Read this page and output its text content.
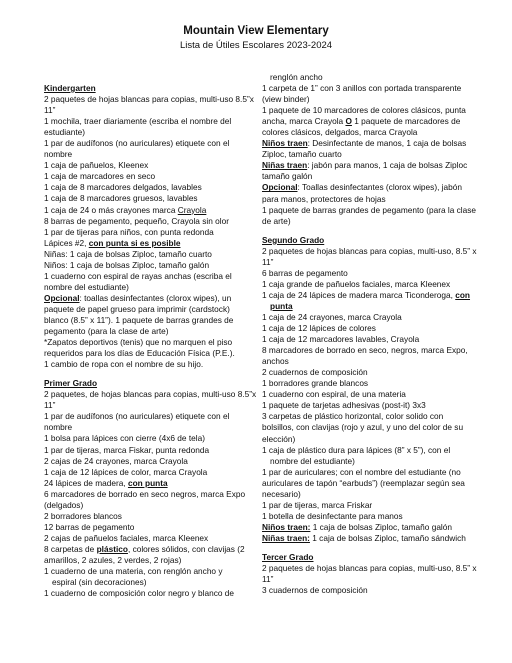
Mountain View Elementary
Lista de Útiles Escolares 2023-2024
Kindergarten
2 paquetes de hojas blancas para copias, multi-uso 8.5”x
11”
1 mochila, traer diariamente (escriba el nombre del
estudiante)
1 par de audífonos (no auriculares) etiquete con el
nombre
1 caja de pañuelos, Kleenex
1 caja de marcadores en seco
1 caja de 8 marcadores delgados, lavables
1 caja de 8 marcadores gruesos, lavables
1 caja de 24 o más crayones marca Crayola
8 barras de pegamento, pequeño, Crayola sin olor
1 par de tijeras para niños, con punta redonda
Lápices #2, con punta si es posible
Niñas: 1 caja de bolsas Ziploc, tamaño cuarto
Niños: 1 caja de bolsas Ziploc, tamaño galón
1 cuaderno con espiral de rayas anchas (escriba el
nombre del estudiante)
Opcional: toallas desinfectantes (clorox wipes), un
paquete de papel grueso para imprimir (cardstock)
blanco (8.5” x 11”). 1 paquete de barras grandes de
pegamento (para la clase de arte)
*Zapatos deportivos (tenis) que no marquen el piso
requeridos para los días de Educación Física (P.E.).
1 cambio de ropa con el nombre de su hijo.
Primer Grado
2 paquetes, de hojas blancas para copias, multi-uso 8.5”x
11”
1 par de audífonos (no auriculares) etiquete con el
nombre
1 bolsa para lápices con cierre (4x6 de tela)
1 par de tijeras, marca Fiskar, punta redonda
2 cajas de 24 crayones, marca Crayola
1 caja de 12 lápices de color, marca Crayola
24 lápices de madera, con punta
6 marcadores de borrado en seco negros, marca Expo
(delgados)
2 borradores blancos
12 barras de pegamento
2 cajas de pañuelos faciales, marca Kleenex
8 carpetas de plástico, colores sólidos, con clavijas (2
amarillos, 2 azules, 2 verdes, 2 rojas)
1 cuaderno de una materia, con renglón ancho y
espiral (sin decoraciones)
1 cuaderno de composición color negro y blanco de
renglón ancho
1 carpeta de 1” con 3 anillos con portada transparente
(view binder)
1 paquete de 10 marcadores de colores clásicos, punta
ancha, marca Crayola O 1 paquete de marcadores de
colores clásicos, delgados, marca Crayola
Niños traen: Desinfectante de manos, 1 caja de bolsas
Ziploc, tamaño cuarto
Niñas traen: jabón para manos, 1 caja de bolsas Ziploc
tamaño galón
Opcional: Toallas desinfectantes (clorox wipes), jabón
para manos, protectores de hojas
1 paquete de barras grandes de pegamento (para la clase
de arte)
Segundo Grado
2 paquetes de hojas blancas para copias, multi-uso, 8.5” x
11”
6 barras de pegamento
1 caja grande de pañuelos faciales, marca Kleenex
1 caja de 24 lápices de madera marca Ticonderoga, con
punta
1 caja de 24 crayones, marca Crayola
1 caja de 12 lápices de colores
1 caja de 12 marcadores lavables, Crayola
8 marcadores de borrado en seco, negros, marca Expo,
anchos
2 cuadernos de composición
1 borradores grande blancos
1 cuaderno con espiral, de una materia
1 paquete de tarjetas adhesivas (post-it) 3x3
3 carpetas de plástico horizontal, color solido con
bolsillos, con clavijas (rojo y azul, y uno del color de su
elección)
1 caja de plástico dura para lápices (8” x 5”), con el
nombre del estudiante)
1 par de auriculares; con el nombre del estudiante (no
auriculares de tapón “earbuds”) (reemplazar según sea
necesario)
1 par de tijeras, marca Friskar
1 botella de desinfectante para manos
Niños traen: 1 caja de bolsas Ziploc, tamaño galón
Niñas traen: 1 caja de bolsas Ziploc, tamaño sándwich
Tercer Grado
2 paquetes de hojas blancas para copias, multi-uso, 8.5” x
11”
3 cuadernos de composición
